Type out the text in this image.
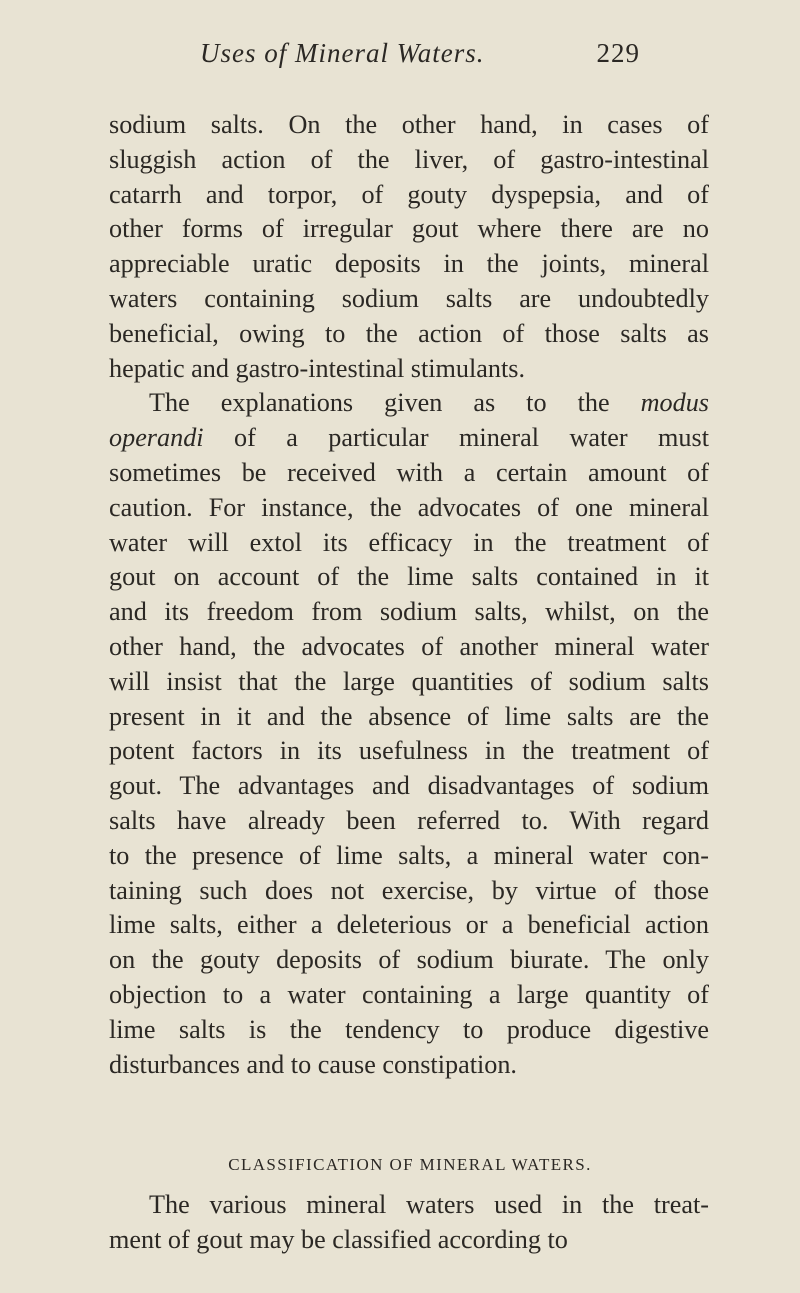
Uses of Mineral Waters.	229
sodium salts. On the other hand, in cases of
sluggish action of the liver, of gastro-intestinal
catarrh and torpor, of gouty dyspepsia, and of
other forms of irregular gout where there are no
appreciable uratic deposits in the joints, mineral
waters containing sodium salts are undoubtedly
beneficial, owing to the action of those salts as
hepatic and gastro-intestinal stimulants.
The explanations given as to the modus
operandi of a particular mineral water must
sometimes be received with a certain amount of
caution. For instance, the advocates of one mineral
water will extol its efficacy in the treatment of
gout on account of the lime salts contained in it
and its freedom from sodium salts, whilst, on the
other hand, the advocates of another mineral water
will insist that the large quantities of sodium salts
present in it and the absence of lime salts are the
potent factors in its usefulness in the treatment of
gout. The advantages and disadvantages of sodium
salts have already been referred to. With regard
to the presence of lime salts, a mineral water con-
taining such does not exercise, by virtue of those
lime salts, either a deleterious or a beneficial action
on the gouty deposits of sodium biurate. The only
objection to a water containing a large quantity of
lime salts is the tendency to produce digestive
disturbances and to cause constipation.
CLASSIFICATION OF MINERAL WATERS.
The various mineral waters used in the treat-
ment of gout may be classified according to
